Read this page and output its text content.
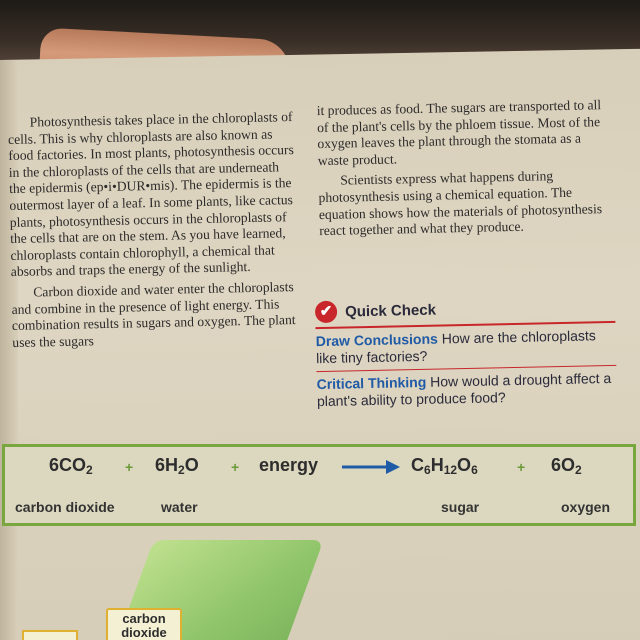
Photosynthesis takes place in the chloroplasts of cells. This is why chloroplasts are also known as food factories. In most plants, photosynthesis occurs in the chloroplasts of the cells that are underneath the epidermis (ep•i•DUR•mis). The epidermis is the outermost layer of a leaf. In some plants, like cactus plants, photosynthesis occurs in the chloroplasts of the cells that are on the stem. As you have learned, chloroplasts contain chlorophyll, a chemical that absorbs and traps the energy of the sunlight.

Carbon dioxide and water enter the chloroplasts and combine in the presence of light energy. This combination results in sugars and oxygen. The plant uses the sugars

it produces as food. The sugars are transported to all of the plant's cells by the phloem tissue. Most of the oxygen leaves the plant through the stomata as a waste product.

Scientists express what happens during photosynthesis using a chemical equation. The equation shows how the materials of photosynthesis react together and what they produce.

✔ Quick Check
Draw Conclusions How are the chloroplasts like tiny factories?
Critical Thinking How would a drought affect a plant's ability to produce food?
$6CO_2 + 6H_2O$ + energy → $C_6H_{12}O_6$	+ $6O_2$
carbon dioxide	water	sugar	oxygen
carbon
dioxide
